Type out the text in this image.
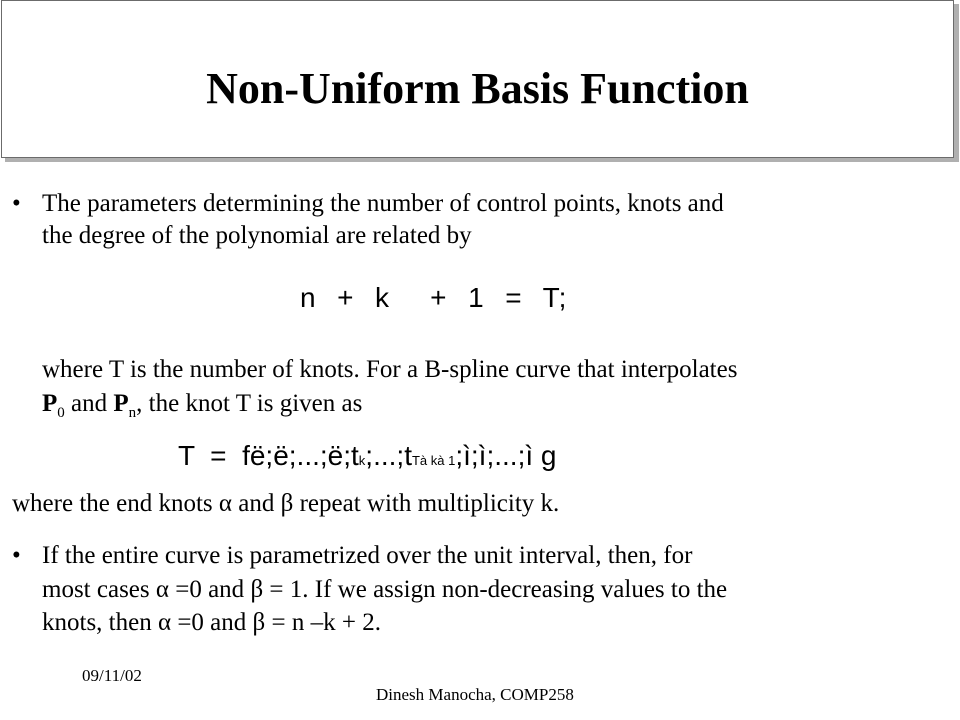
Non-Uniform Basis Function
• The parameters determining the number of control points, knots and
the degree of the polynomial are related by
n  +  k    +  1  =  T;
where T is the number of knots. For a B-spline curve that interpolates
$P_0$ and $P_n$, the knot T is given as
T  =  fë;ë;...;ë;tk;...;tTà kà 1;ì;ì;...;ì g
where the end knots α and β repeat with multiplicity k.
• If the entire curve is parametrized over the unit interval, then, for
most cases α =0 and β = 1. If we assign non-decreasing values to the
knots, then α =0 and β = n –k + 2.
09/11/02
Dinesh Manocha, COMP258
